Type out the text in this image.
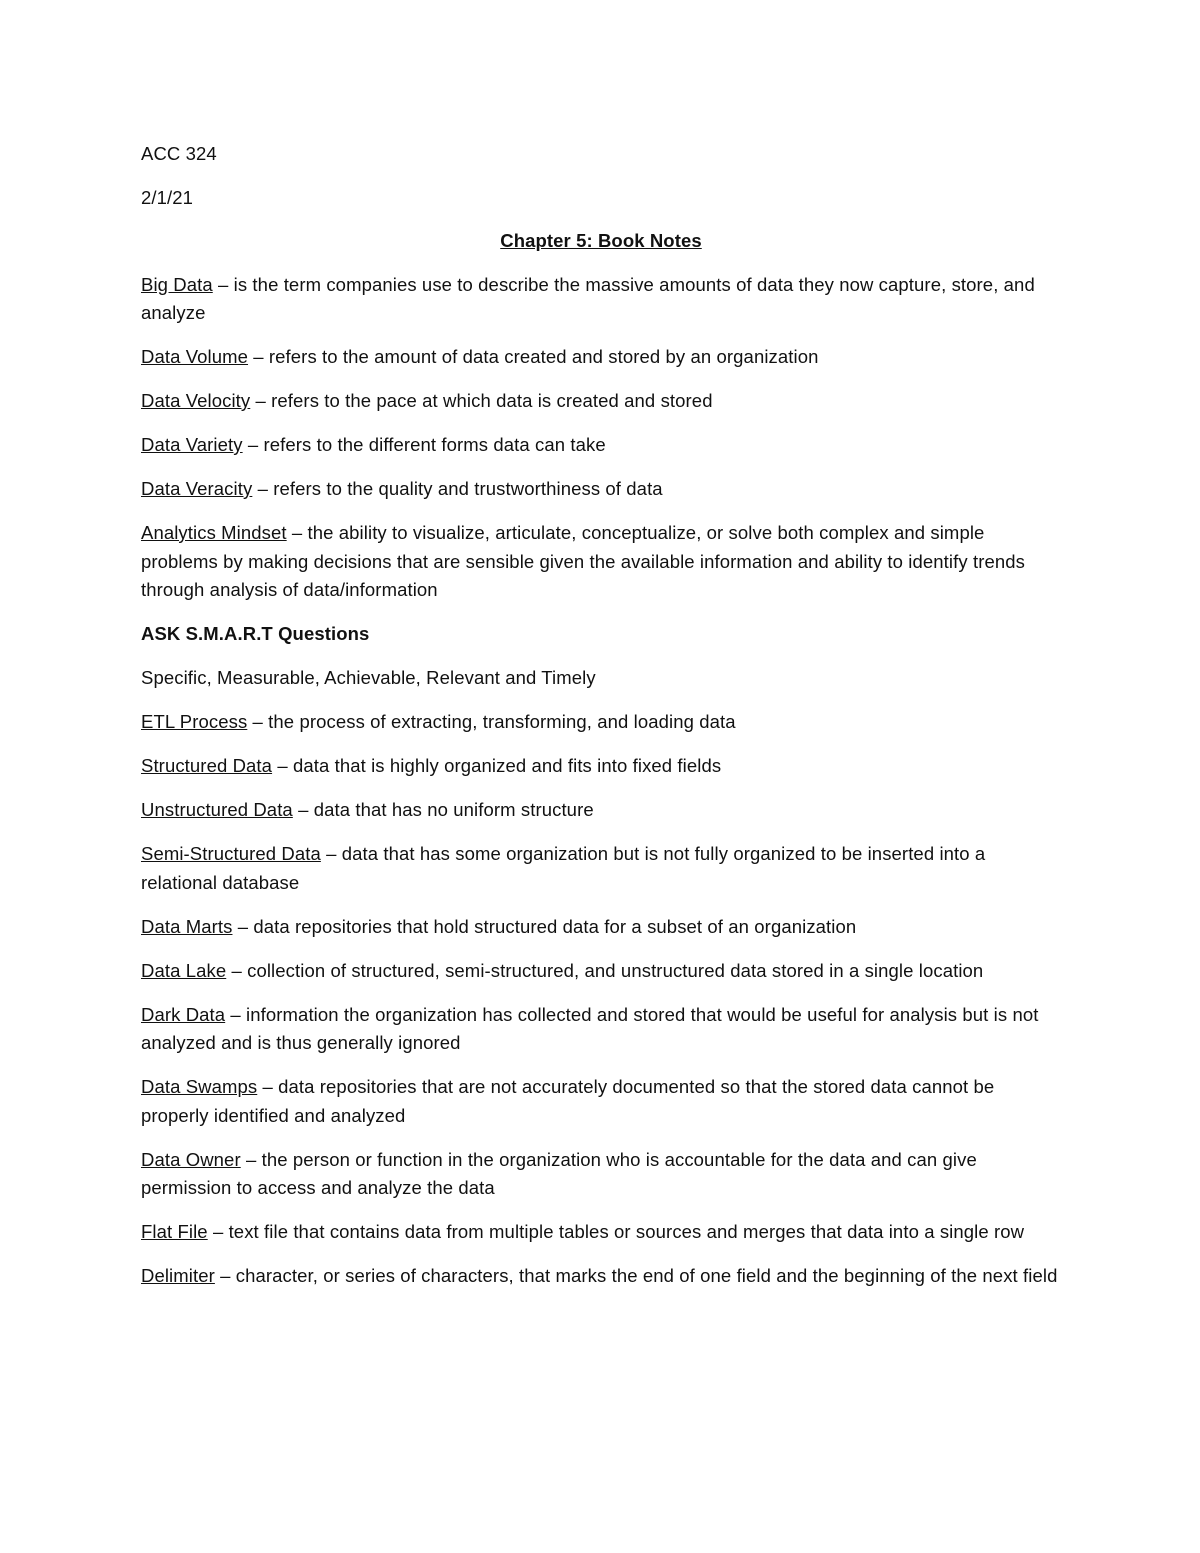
ACC 324

2/1/21

Chapter 5: Book Notes

Big Data – is the term companies use to describe the massive amounts of data they now capture, store, and analyze

Data Volume – refers to the amount of data created and stored by an organization

Data Velocity – refers to the pace at which data is created and stored

Data Variety – refers to the different forms data can take

Data Veracity – refers to the quality and trustworthiness of data

Analytics Mindset – the ability to visualize, articulate, conceptualize, or solve both complex and simple problems by making decisions that are sensible given the available information and ability to identify trends through analysis of data/information

ASK S.M.A.R.T Questions

Specific, Measurable, Achievable, Relevant and Timely

ETL Process – the process of extracting, transforming, and loading data

Structured Data – data that is highly organized and fits into fixed fields

Unstructured Data – data that has no uniform structure

Semi-Structured Data – data that has some organization but is not fully organized to be inserted into a relational database

Data Marts – data repositories that hold structured data for a subset of an organization

Data Lake – collection of structured, semi-structured, and unstructured data stored in a single location

Dark Data – information the organization has collected and stored that would be useful for analysis but is not analyzed and is thus generally ignored

Data Swamps – data repositories that are not accurately documented so that the stored data cannot be properly identified and analyzed

Data Owner – the person or function in the organization who is accountable for the data and can give permission to access and analyze the data

Flat File – text file that contains data from multiple tables or sources and merges that data into a single row

Delimiter – character, or series of characters, that marks the end of one field and the beginning of the next field
